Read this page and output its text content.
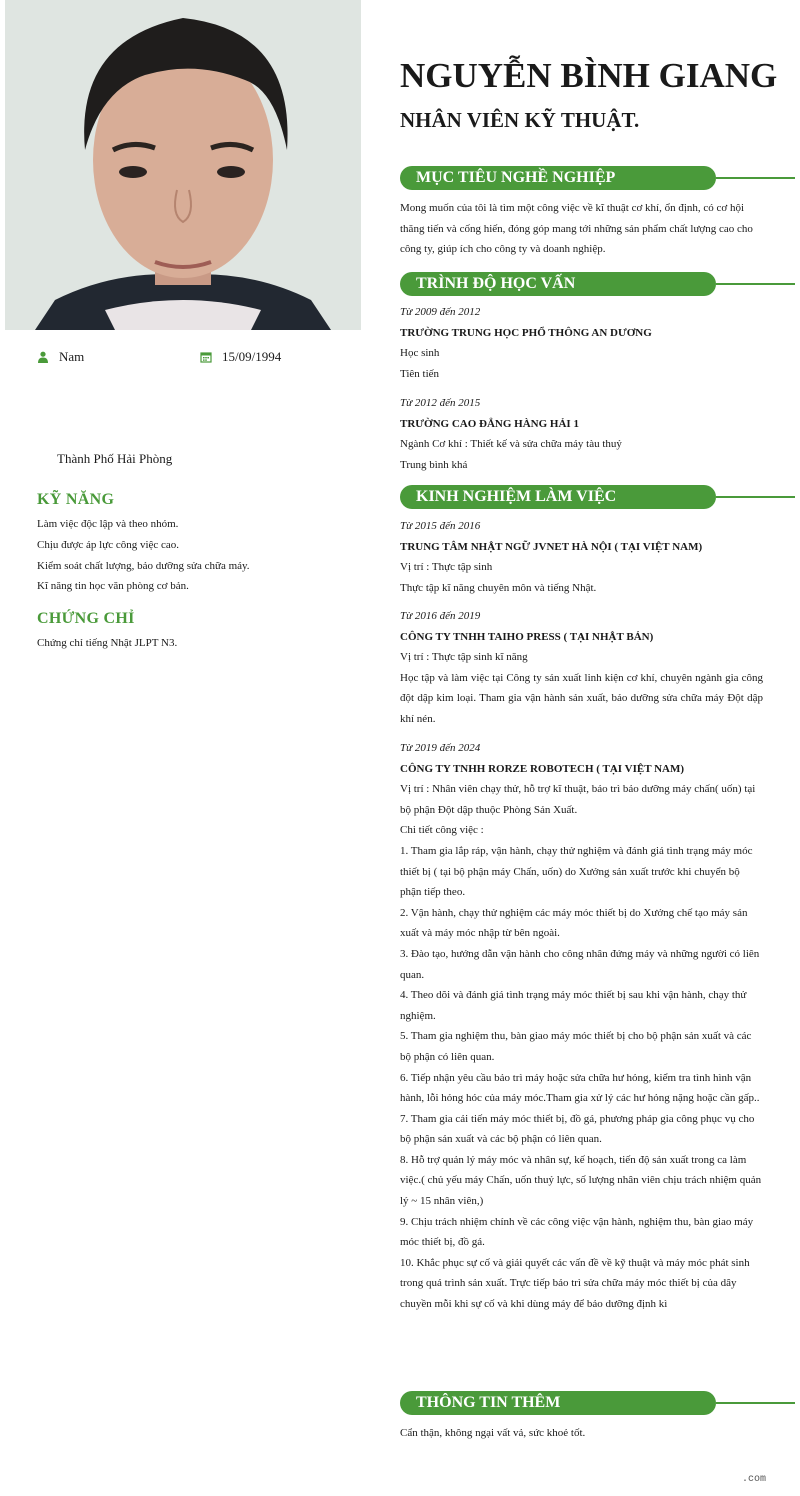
Nam	15/09/1994
Thành Phố Hải Phòng
KỸ NĂNG
Làm việc độc lập và theo nhóm.
Chịu được áp lực công việc cao.
Kiểm soát chất lượng, bảo dưỡng sửa chữa máy.
Kĩ năng tin học văn phòng cơ bản.
CHỨNG CHỈ
Chứng chỉ tiếng Nhật JLPT N3.
NGUYỄN BÌNH GIANG
NHÂN VIÊN KỸ THUẬT.
MỤC TIÊU NGHỀ NGHIỆP
Mong muốn của tôi là tìm một công việc về kĩ thuật cơ khí, ổn định, có cơ hội thăng tiến và cống hiến, đóng góp mang tới những sản phẩm chất lượng cao cho công ty, giúp ích cho công ty và doanh nghiệp.
TRÌNH ĐỘ HỌC VẤN
Từ 2009 đến 2012
TRƯỜNG TRUNG HỌC PHỔ THÔNG AN DƯƠNG
Học sinh
Tiên tiến
Từ 2012 đến 2015
TRƯỜNG CAO ĐẲNG HÀNG HẢI 1
Ngành Cơ khí : Thiết kế và sửa chữa máy tàu thuỷ
Trung bình khá
KINH NGHIỆM LÀM VIỆC
Từ 2015 đến 2016
TRUNG TÂM NHẬT NGỮ JVNET HÀ NỘI ( TẠI VIỆT NAM)
Vị trí : Thực tập sinh
Thực tập kĩ năng chuyên môn và tiếng Nhật.
Từ 2016 đến 2019
CÔNG TY TNHH TAIHO PRESS ( TẠI NHẬT BẢN)
Vị trí : Thực tập sinh kĩ năng
Học tập và làm việc tại Công ty sản xuất linh kiện cơ khí, chuyên ngành gia công đột dập kim loại. Tham gia vận hành sản xuất, bảo dưỡng sửa chữa máy Đột dập khí nén.
Từ 2019 đến 2024
CÔNG TY TNHH RORZE ROBOTECH ( TẠI VIỆT NAM)
Vị trí : Nhân viên chạy thử, hỗ trợ kĩ thuật, bảo trì bảo dưỡng máy chấn( uốn) tại bộ phận Đột dập thuộc Phòng Sản Xuất.
Chi tiết công việc :
1. Tham gia lắp ráp, vận hành, chạy thử nghiệm và đánh giá tình trạng máy móc thiết bị ( tại bộ phận máy Chấn, uốn) do Xưởng sản xuất trước khi chuyển bộ phận tiếp theo.
2. Vận hành, chạy thử nghiệm các máy móc thiết bị do Xưởng chế tạo máy sản xuất và máy móc nhập từ bên ngoài.
3. Đào tạo, hướng dẫn vận hành cho công nhân đứng máy và những người có liên quan.
4. Theo dõi và đánh giá tình trạng máy móc thiết bị sau khi vận hành, chạy thử nghiệm.
5. Tham gia nghiệm thu, bàn giao máy móc thiết bị cho bộ phận sản xuất và các bộ phận có liên quan.
6. Tiếp nhận yêu cầu bảo trì máy hoặc sửa chữa hư hỏng, kiểm tra tình hình vận hành, lỗi hỏng hóc của máy móc.Tham gia xử lý các hư hỏng nặng hoặc cần gấp..
7. Tham gia cải tiến máy móc thiết bị, đồ gá, phương pháp gia công phục vụ cho bộ phận sản xuất và các bộ phận có liên quan.
8. Hỗ trợ quản lý máy móc và nhân sự, kế hoạch, tiến độ sản xuất trong ca làm việc.( chủ yếu máy Chấn, uốn thuỷ lực, số lượng nhân viên chịu trách nhiệm quản lý ~ 15 nhân viên,)
9. Chịu trách nhiệm chính về các công việc vận hành, nghiệm thu, bàn giao máy móc thiết bị, đồ gá.
10. Khắc phục sự cố và giải quyết các vấn đề về kỹ thuật và máy móc phát sinh trong quá trình sản xuất. Trực tiếp bảo trì sửa chữa máy móc thiết bị của dây chuyền mỗi khi sự cố và khi dùng máy để bảo dưỡng định kì
THÔNG TIN THÊM
Cẩn thận, không ngại vất vả, sức khoẻ tốt.
.com
